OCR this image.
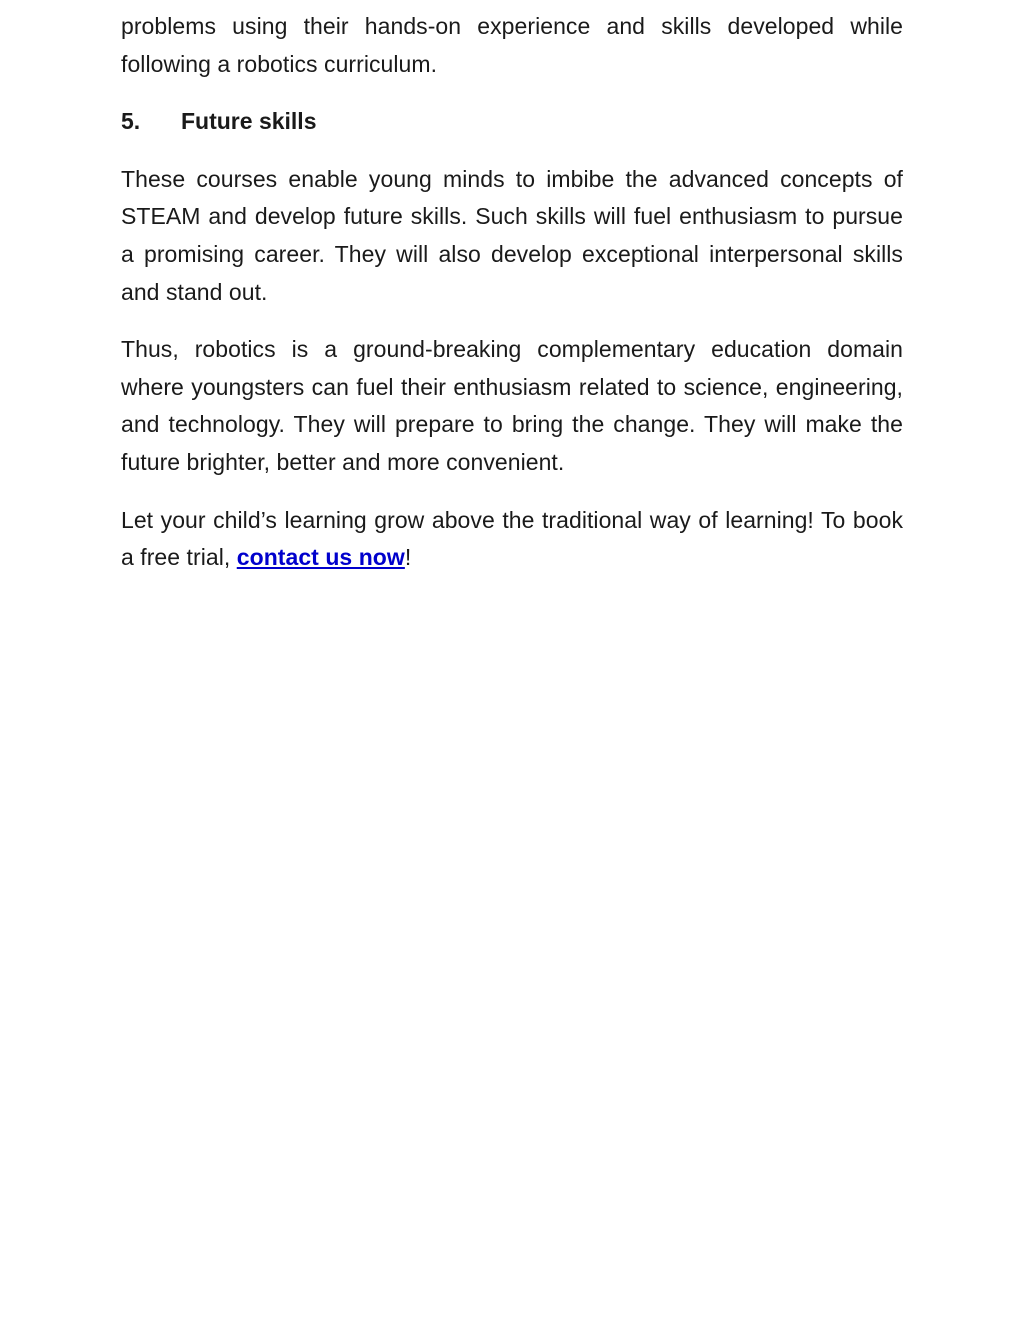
problems using their hands-on experience and skills developed while following a robotics curriculum.

5.	Future skills

These courses enable young minds to imbibe the advanced concepts of STEAM and develop future skills. Such skills will fuel enthusiasm to pursue a promising career. They will also develop exceptional interpersonal skills and stand out.

Thus, robotics is a ground-breaking complementary education domain where youngsters can fuel their enthusiasm related to science, engineering, and technology. They will prepare to bring the change. They will make the future brighter, better and more convenient.

Let your child’s learning grow above the traditional way of learning! To book a free trial, contact us now!
